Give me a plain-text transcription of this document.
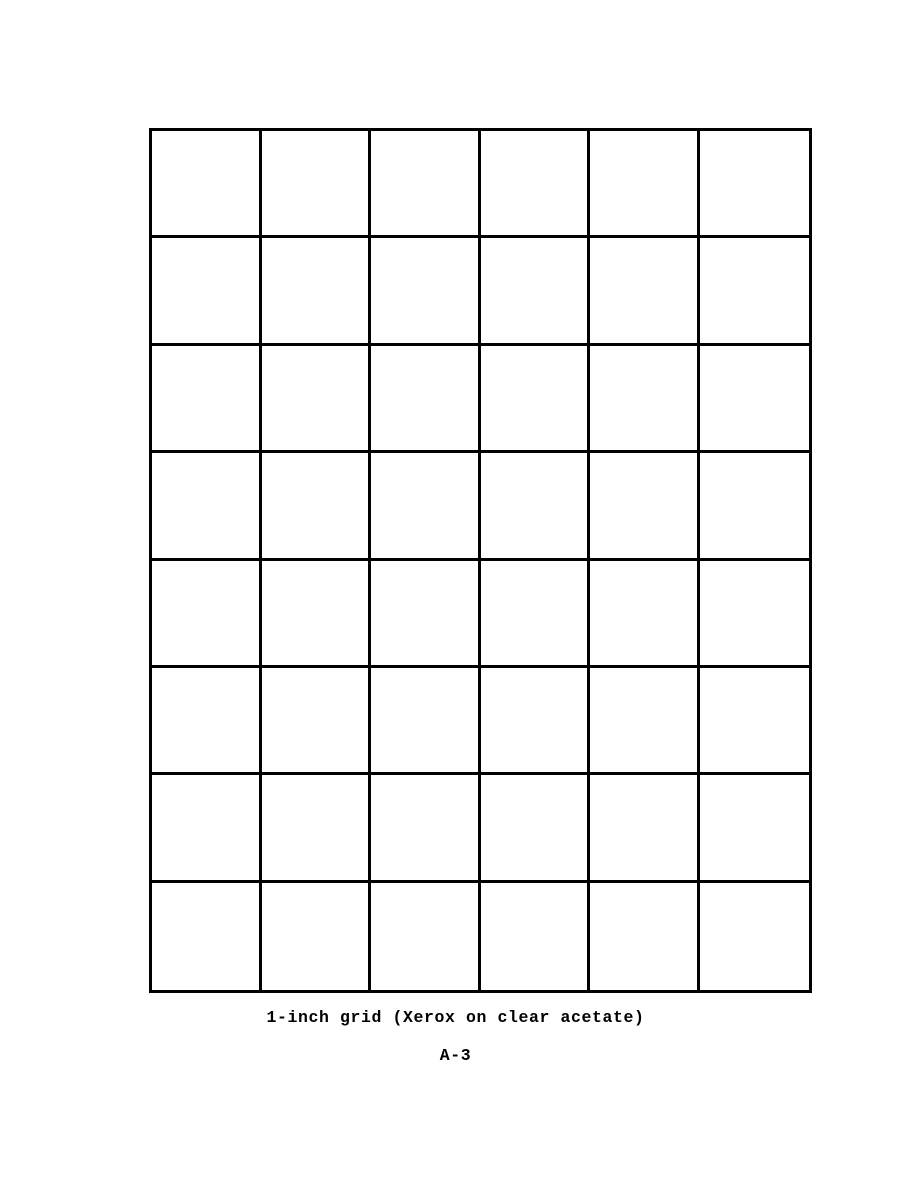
1-inch grid (Xerox on clear acetate)
A-3
